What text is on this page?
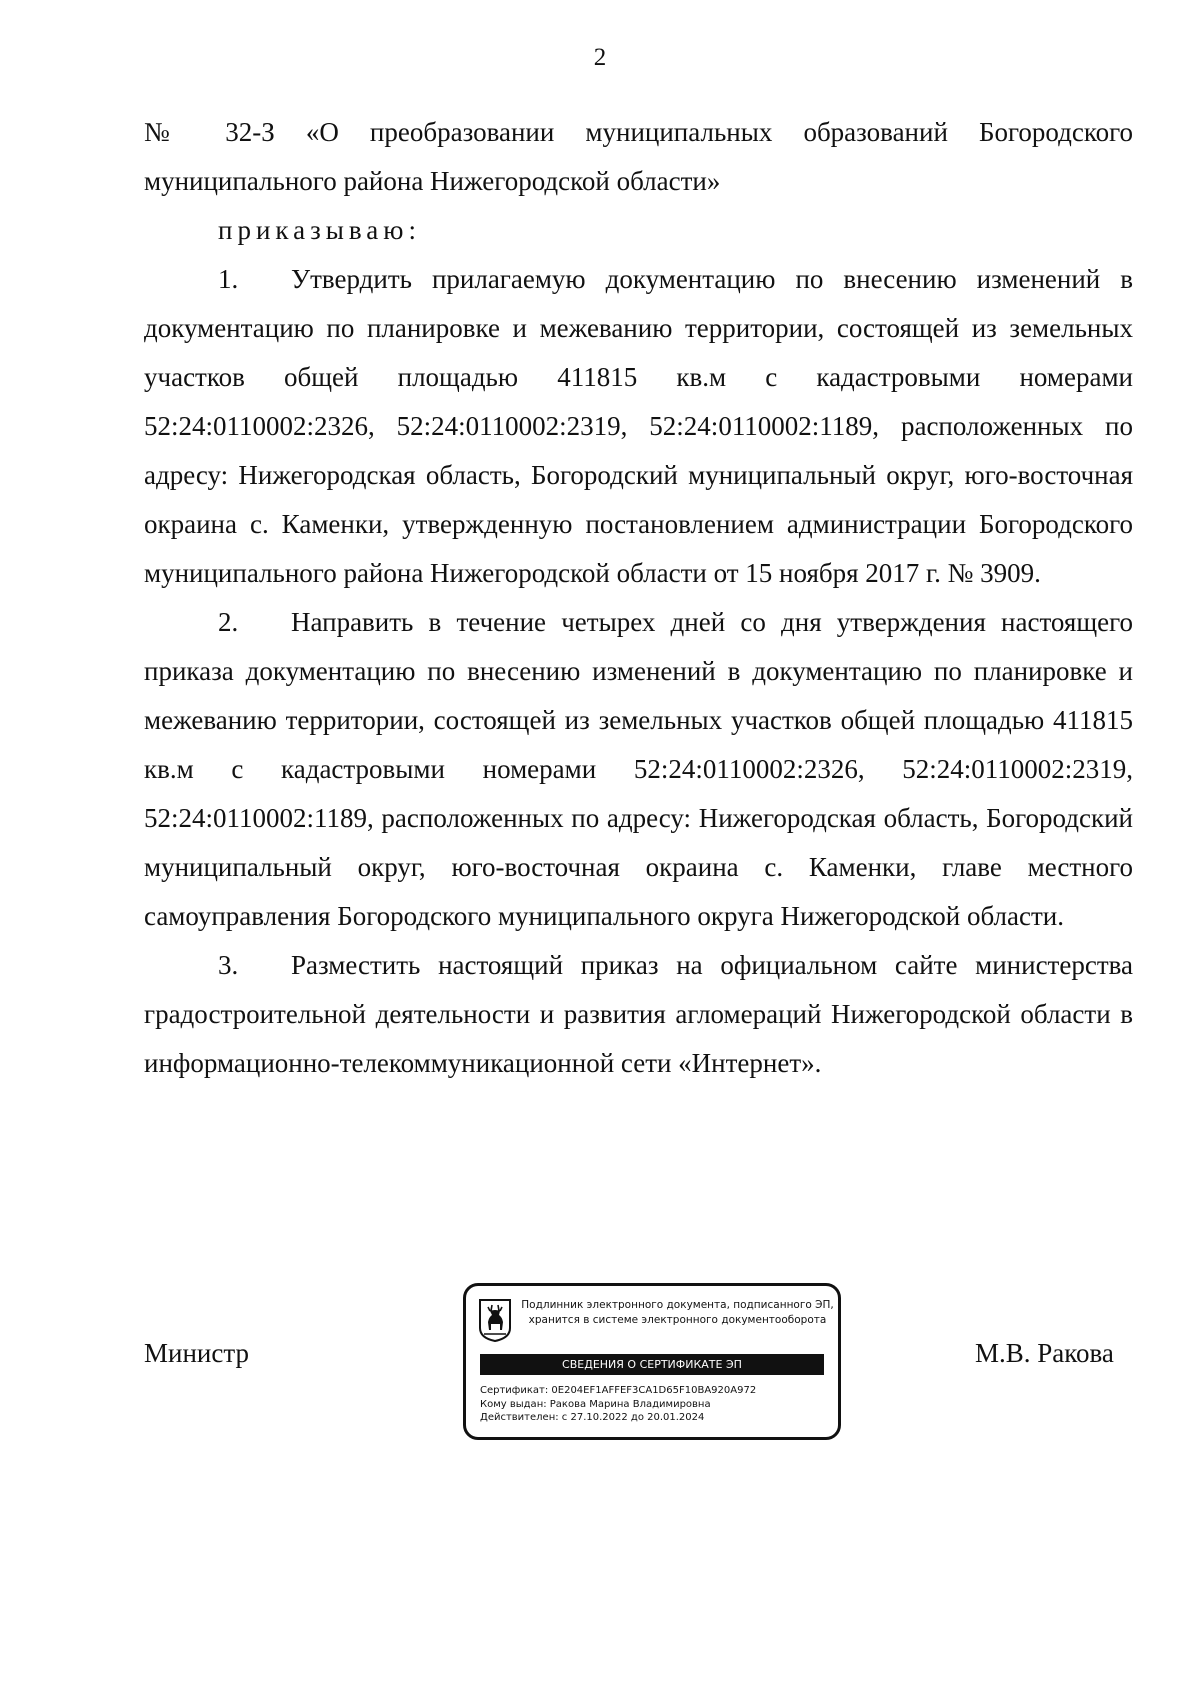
2

№ 32-З «О преобразовании муниципальных образований Богородского муниципального района Нижегородской области»

приказываю:

1. Утвердить прилагаемую документацию по внесению изменений в документацию по планировке и межеванию территории, состоящей из земельных участков общей площадью 411815 кв.м с кадастровыми номерами 52:24:0110002:2326, 52:24:0110002:2319, 52:24:0110002:1189, расположенных по адресу: Нижегородская область, Богородский муниципальный округ, юго-восточная окраина с. Каменки, утвержденную постановлением администрации Богородского муниципального района Нижегородской области от 15 ноября 2017 г. № 3909.

2. Направить в течение четырех дней со дня утверждения настоящего приказа документацию по внесению изменений в документацию по планировке и межеванию территории, состоящей из земельных участков общей площадью 411815 кв.м с кадастровыми номерами 52:24:0110002:2326, 52:24:0110002:2319, 52:24:0110002:1189, расположенных по адресу: Нижегородская область, Богородский муниципальный округ, юго-восточная окраина с. Каменки, главе местного самоуправления Богородского муниципального округа Нижегородской области.

3. Разместить настоящий приказ на официальном сайте министерства градостроительной деятельности и развития агломераций Нижегородской области в информационно-телекоммуникационной сети «Интернет».

Министр
Подлинник электронного документа, подписанного ЭП,
хранится в системе электронного документооборота
СВЕДЕНИЯ О СЕРТИФИКАТЕ ЭП
Сертификат: 0E204EF1AFFEF3CA1D65F10BA920A972
Кому выдан: Ракова Марина Владимировна
Действителен: с 27.10.2022 до 20.01.2024
М.В. Ракова
